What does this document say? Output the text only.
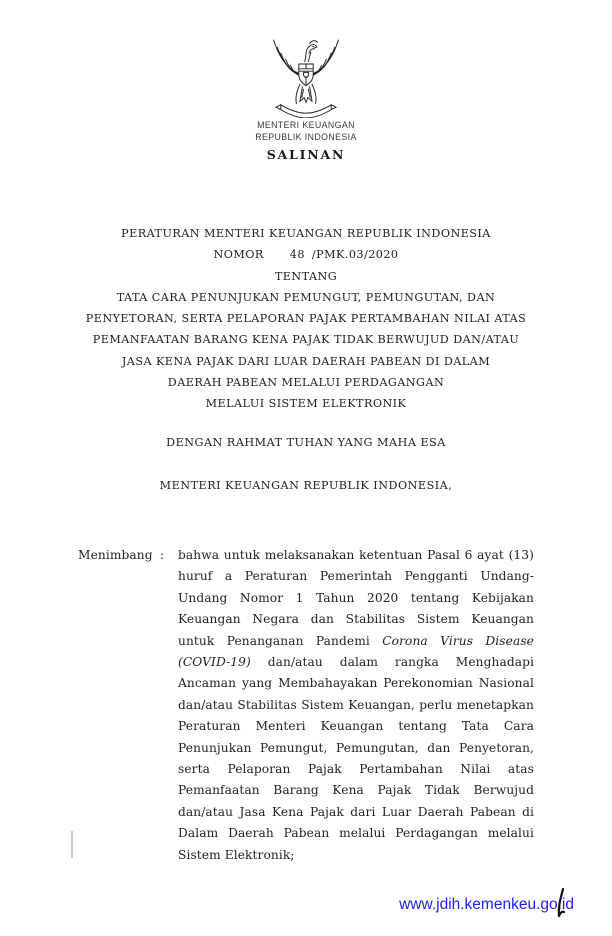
MENTERI KEUANGAN
REPUBLIK INDONESIA
SALINAN
PERATURAN MENTERI KEUANGAN REPUBLIK INDONESIA
NOMOR 48 /PMK.03/2020
TENTANG
TATA CARA PENUNJUKAN PEMUNGUT, PEMUNGUTAN, DAN
PENYETORAN, SERTA PELAPORAN PAJAK PERTAMBAHAN NILAI ATAS
PEMANFAATAN BARANG KENA PAJAK TIDAK BERWUJUD DAN/ATAU
JASA KENA PAJAK DARI LUAR DAERAH PABEAN DI DALAM
DAERAH PABEAN MELALUI PERDAGANGAN
MELALUI SISTEM ELEKTRONIK
DENGAN RAHMAT TUHAN YANG MAHA ESA
MENTERI KEUANGAN REPUBLIK INDONESIA,
Menimbang :	bahwa untuk melaksanakan ketentuan Pasal 6 ayat (13) huruf a Peraturan Pemerintah Pengganti Undang-Undang Nomor 1 Tahun 2020 tentang Kebijakan Keuangan Negara dan Stabilitas Sistem Keuangan untuk Penanganan Pandemi Corona Virus Disease (COVID-19) dan/atau dalam rangka Menghadapi Ancaman yang Membahayakan Perekonomian Nasional dan/atau Stabilitas Sistem Keuangan, perlu menetapkan Peraturan Menteri Keuangan tentang Tata Cara Penunjukan Pemungut, Pemungutan, dan Penyetoran, serta Pelaporan Pajak Pertambahan Nilai atas Pemanfaatan Barang Kena Pajak Tidak Berwujud dan/atau Jasa Kena Pajak dari Luar Daerah Pabean di Dalam Daerah Pabean melalui Perdagangan melalui Sistem Elektronik;

www.jdih.kemenkeu.go.id
